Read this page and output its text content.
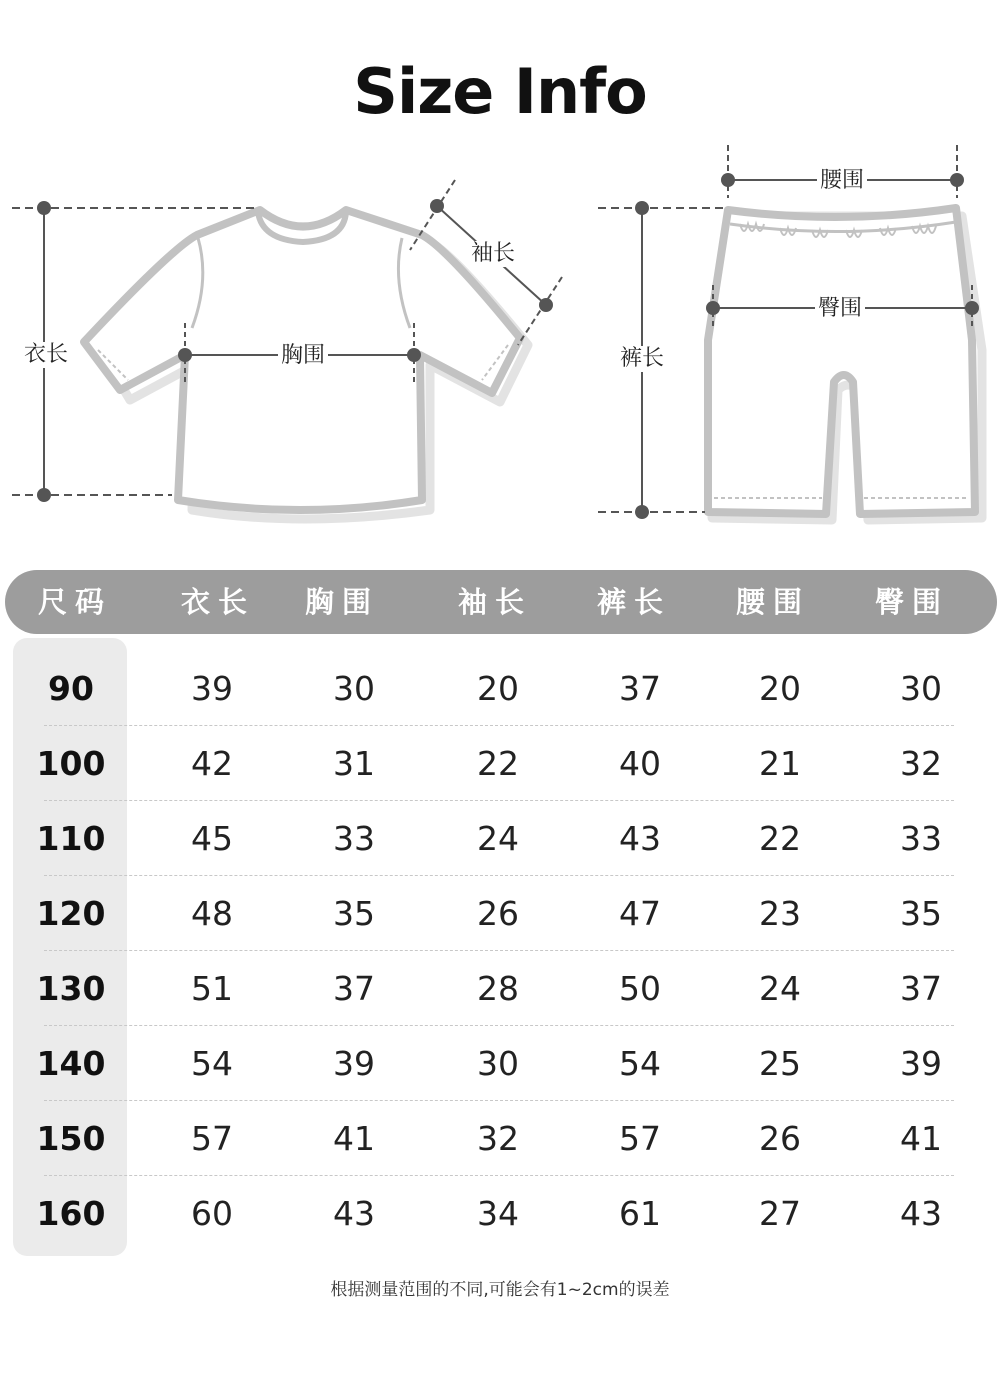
Size Info
衣长	胸围
袖长
裤长
腰围
臀围
尺码	衣长	胸围	袖长	裤长	腰围	臀围
90	39	30	20	37	20	30
100	42	31	22	40	21	32
110	45	33	24	43	22	33
120	48	35	26	47	23	35
130	51	37	28	50	24	37
140	54	39	30	54	25	39
150	57	41	32	57	26	41
160	60	43	34	61	27	43
根据测量范围的不同,可能会有1~2cm的误差
